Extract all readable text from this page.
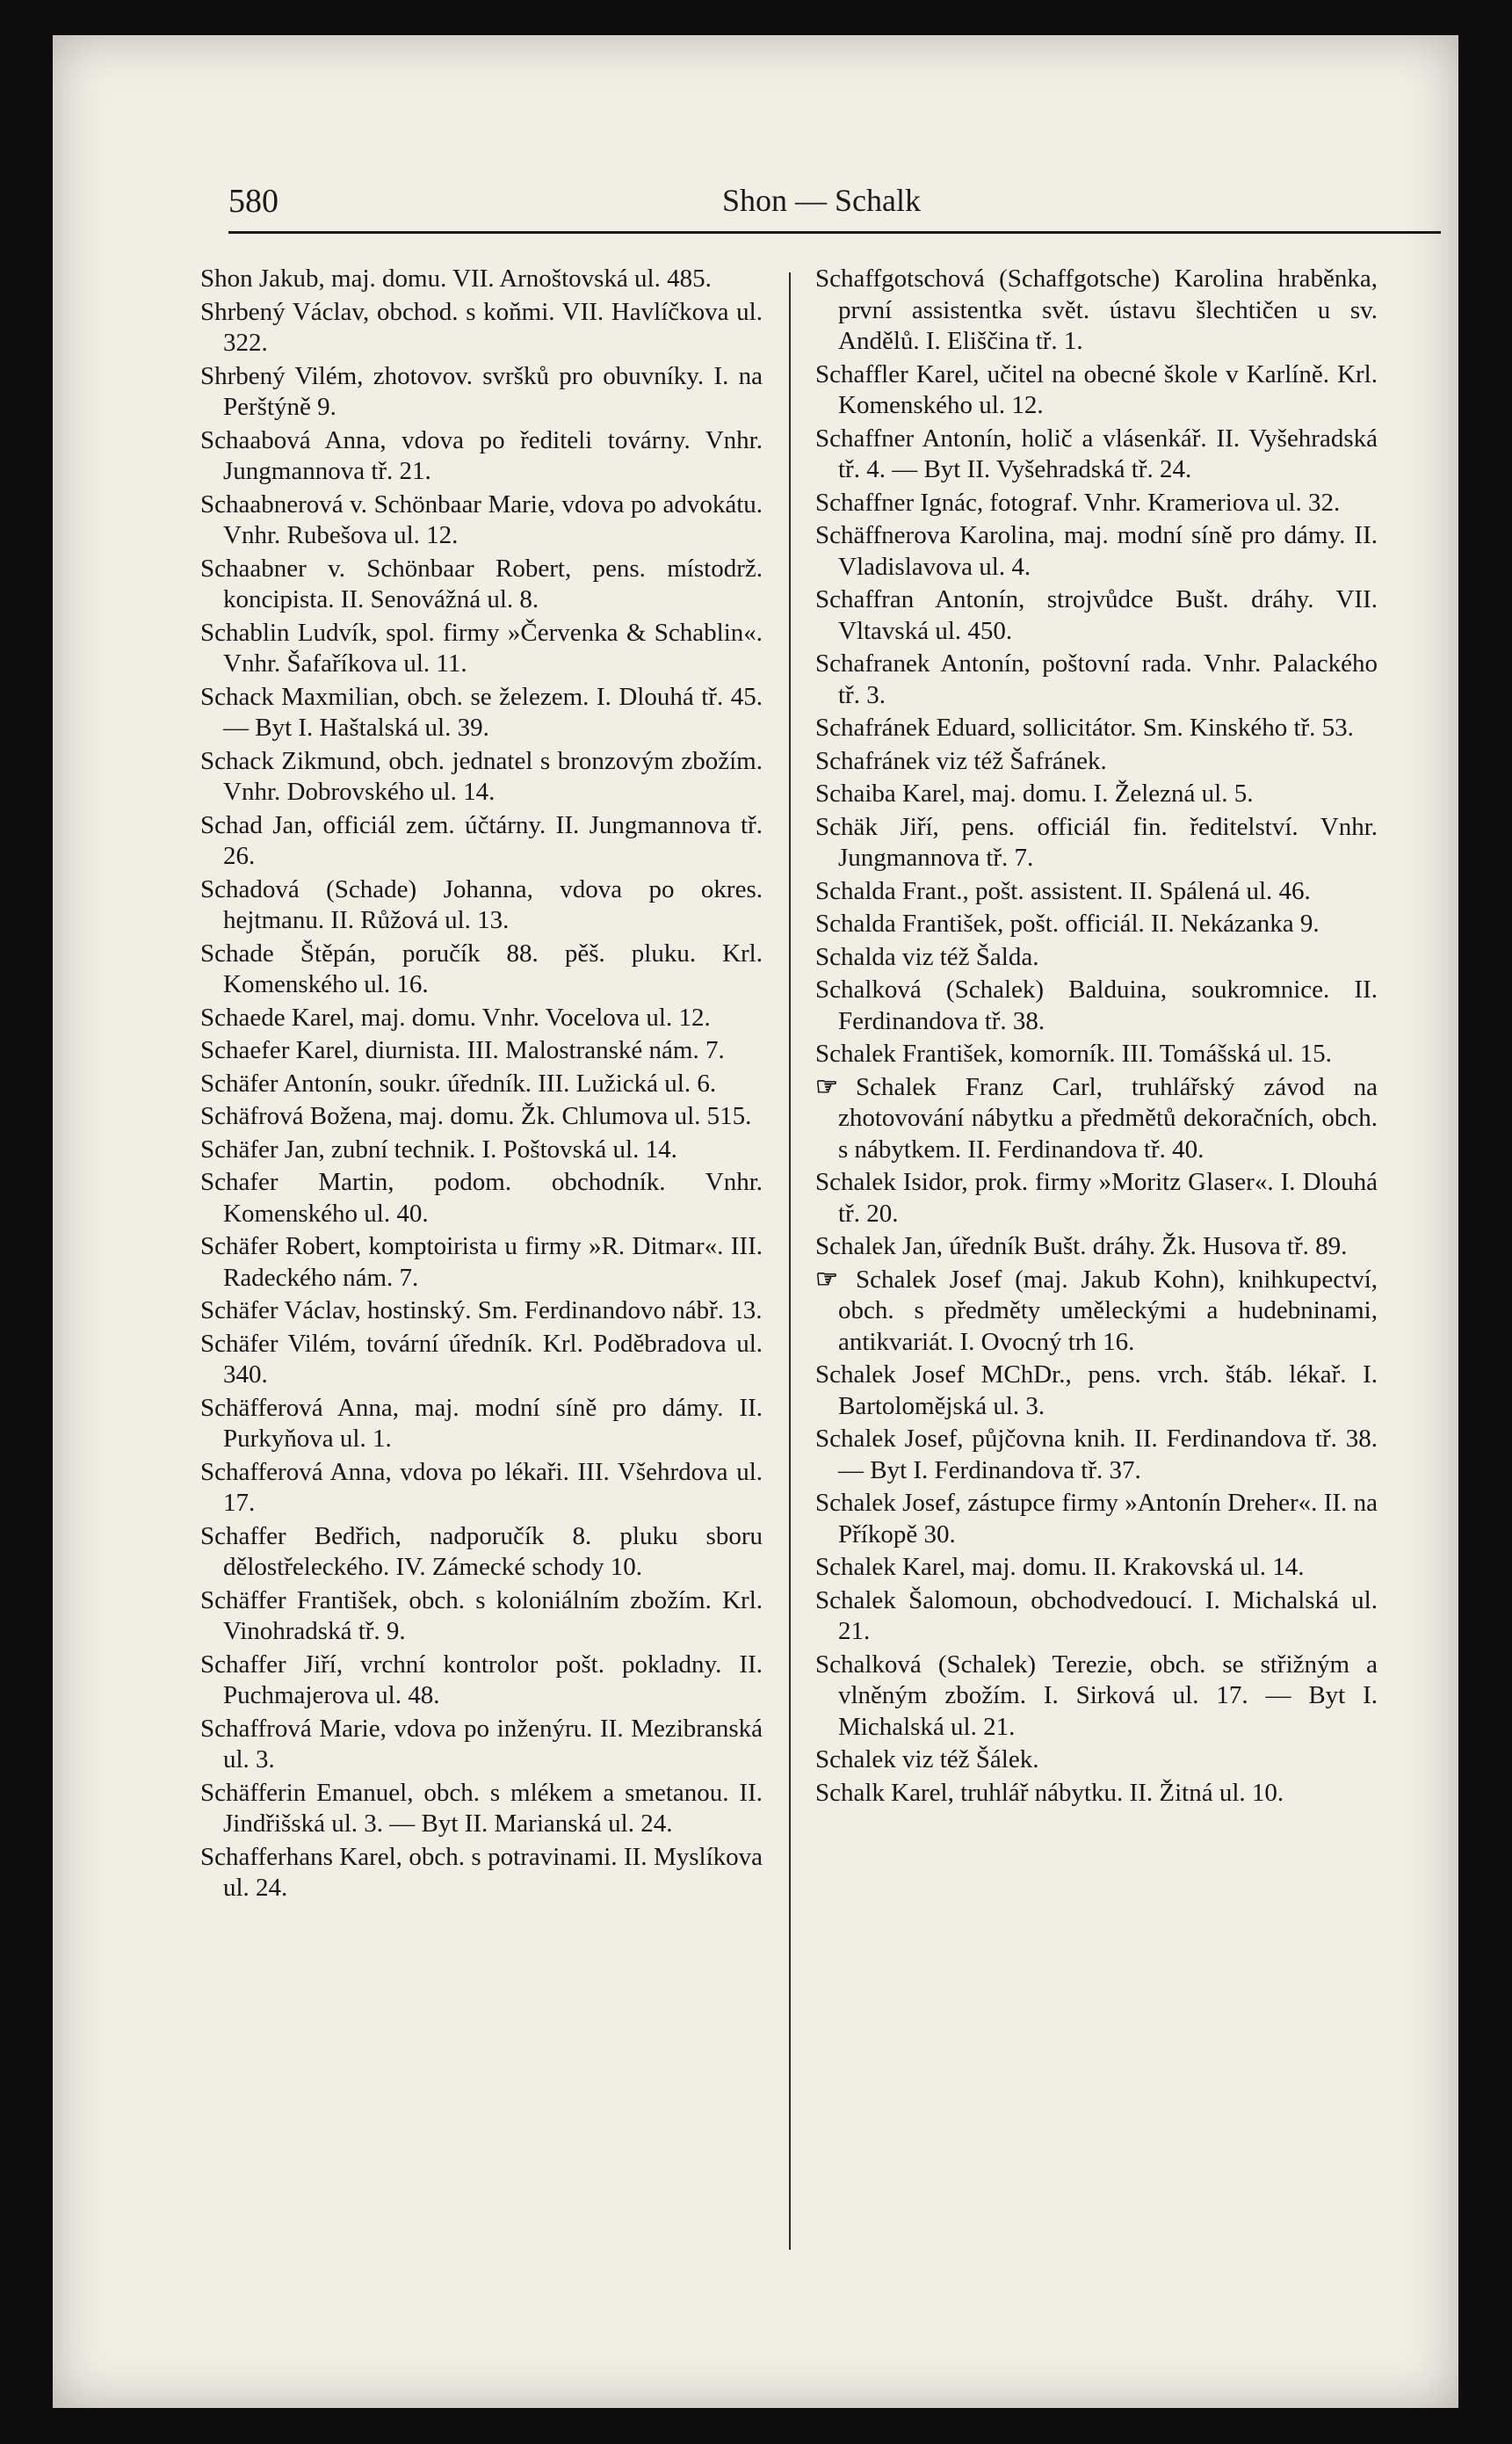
580	Shon — Schalk

Shon Jakub, maj. domu. VII. Arnoštovská ul. 485.

Shrbený Václav, obchod. s koňmi. VII. Havlíčkova ul. 322.

Shrbený Vilém, zhotovov. svršků pro obuvníky. I. na Perštýně 9.

Schaabová Anna, vdova po řediteli továrny. Vnhr. Jungmannova tř. 21.

Schaabnerová v. Schönbaar Marie, vdova po advokátu. Vnhr. Rubešova ul. 12.

Schaabner v. Schönbaar Robert, pens. místodrž. koncipista. II. Senovážná ul. 8.

Schablin Ludvík, spol. firmy »Červenka & Schablin«. Vnhr. Šafaříkova ul. 11.

Schack Maxmilian, obch. se železem. I. Dlouhá tř. 45. — Byt I. Haštalská ul. 39.

Schack Zikmund, obch. jednatel s bronzovým zbožím. Vnhr. Dobrovského ul. 14.

Schad Jan, officiál zem. účtárny. II. Jungmannova tř. 26.

Schadová (Schade) Johanna, vdova po okres. hejtmanu. II. Růžová ul. 13.

Schade Štěpán, poručík 88. pěš. pluku. Krl. Komenského ul. 16.

Schaede Karel, maj. domu. Vnhr. Vocelova ul. 12.

Schaefer Karel, diurnista. III. Malostranské nám. 7.

Schäfer Antonín, soukr. úředník. III. Lužická ul. 6.

Schäfrová Božena, maj. domu. Žk. Chlumova ul. 515.

Schäfer Jan, zubní technik. I. Poštovská ul. 14.

Schafer Martin, podom. obchodník. Vnhr. Komenského ul. 40.

Schäfer Robert, komptoirista u firmy »R. Ditmar«. III. Radeckého nám. 7.

Schäfer Václav, hostinský. Sm. Ferdinandovo nábř. 13.

Schäfer Vilém, tovární úředník. Krl. Poděbradova ul. 340.

Schäfferová Anna, maj. modní síně pro dámy. II. Purkyňova ul. 1.

Schafferová Anna, vdova po lékaři. III. Všehrdova ul. 17.

Schaffer Bedřich, nadporučík 8. pluku sboru dělostřeleckého. IV. Zámecké schody 10.

Schäffer František, obch. s koloniálním zbožím. Krl. Vinohradská tř. 9.

Schaffer Jiří, vrchní kontrolor pošt. pokladny. II. Puchmajerova ul. 48.

Schaffrová Marie, vdova po inženýru. II. Mezibranská ul. 3.

Schäfferin Emanuel, obch. s mlékem a smetanou. II. Jindřišská ul. 3. — Byt II. Marianská ul. 24.

Schafferhans Karel, obch. s potravinami. II. Myslíkova ul. 24.

Schaffgotschová (Schaffgotsche) Karolina hraběnka, první assistentka svět. ústavu šlechtičen u sv. Andělů. I. Eliščina tř. 1.

Schaffler Karel, učitel na obecné škole v Karlíně. Krl. Komenského ul. 12.

Schaffner Antonín, holič a vlásenkář. II. Vyšehradská tř. 4. — Byt II. Vyšehradská tř. 24.

Schaffner Ignác, fotograf. Vnhr. Krameriova ul. 32.

Schäffnerova Karolina, maj. modní síně pro dámy. II. Vladislavova ul. 4.

Schaffran Antonín, strojvůdce Bušt. dráhy. VII. Vltavská ul. 450.

Schafranek Antonín, poštovní rada. Vnhr. Palackého tř. 3.

Schafránek Eduard, sollicitátor. Sm. Kinského tř. 53.

Schafránek viz též Šafránek.

Schaiba Karel, maj. domu. I. Železná ul. 5.

Schäk Jiří, pens. officiál fin. ředitelství. Vnhr. Jungmannova tř. 7.

Schalda Frant., pošt. assistent. II. Spálená ul. 46.

Schalda František, pošt. officiál. II. Nekázanka 9.

Schalda viz též Šalda.

Schalková (Schalek) Balduina, soukromnice. II. Ferdinandova tř. 38.

Schalek František, komorník. III. Tomášská ul. 15.

☞ Schalek Franz Carl, truhlářský závod na zhotovování nábytku a předmětů dekoračních, obch. s nábytkem. II. Ferdinandova tř. 40.

Schalek Isidor, prok. firmy »Moritz Glaser«. I. Dlouhá tř. 20.

Schalek Jan, úředník Bušt. dráhy. Žk. Husova tř. 89.

☞ Schalek Josef (maj. Jakub Kohn), knihkupectví, obch. s předměty uměleckými a hudebninami, antikvariát. I. Ovocný trh 16.

Schalek Josef MChDr., pens. vrch. štáb. lékař. I. Bartolomějská ul. 3.

Schalek Josef, půjčovna knih. II. Ferdinandova tř. 38. — Byt I. Ferdinandova tř. 37.

Schalek Josef, zástupce firmy »Antonín Dreher«. II. na Příkopě 30.

Schalek Karel, maj. domu. II. Krakovská ul. 14.

Schalek Šalomoun, obchodvedoucí. I. Michalská ul. 21.

Schalková (Schalek) Terezie, obch. se střižným a vlněným zbožím. I. Sirková ul. 17. — Byt I. Michalská ul. 21.

Schalek viz též Šálek.

Schalk Karel, truhlář nábytku. II. Žitná ul. 10.
